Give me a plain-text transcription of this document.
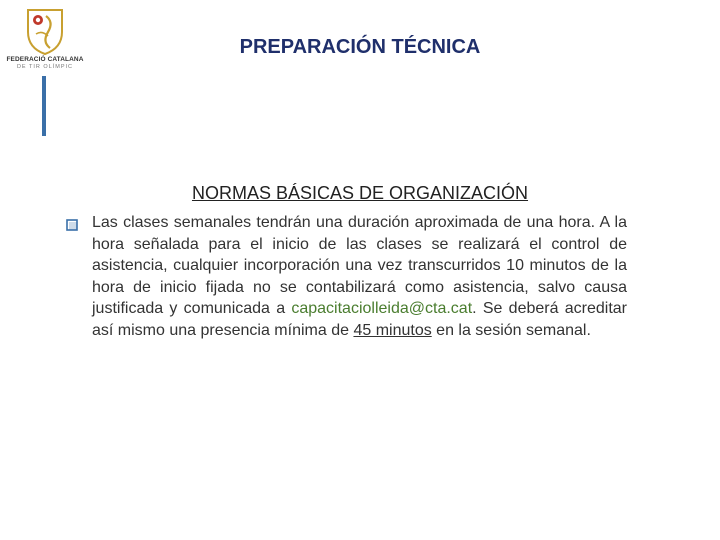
FEDERACIÓ CATALANA
DE TIR OLÍMPIC
PREPARACIÓN TÉCNICA
NORMAS BÁSICAS DE ORGANIZACIÓN
Las clases semanales tendrán una duración aproximada de una hora. A la hora señalada para el inicio de las clases se realizará el control de asistencia, cualquier incorporación una vez transcurridos 10 minutos de la hora de inicio fijada no se contabilizará como asistencia, salvo causa justificada y comunicada a capacitaciolleida@cta.cat. Se deberá acreditar así mismo una presencia mínima de 45 minutos en la sesión semanal.
